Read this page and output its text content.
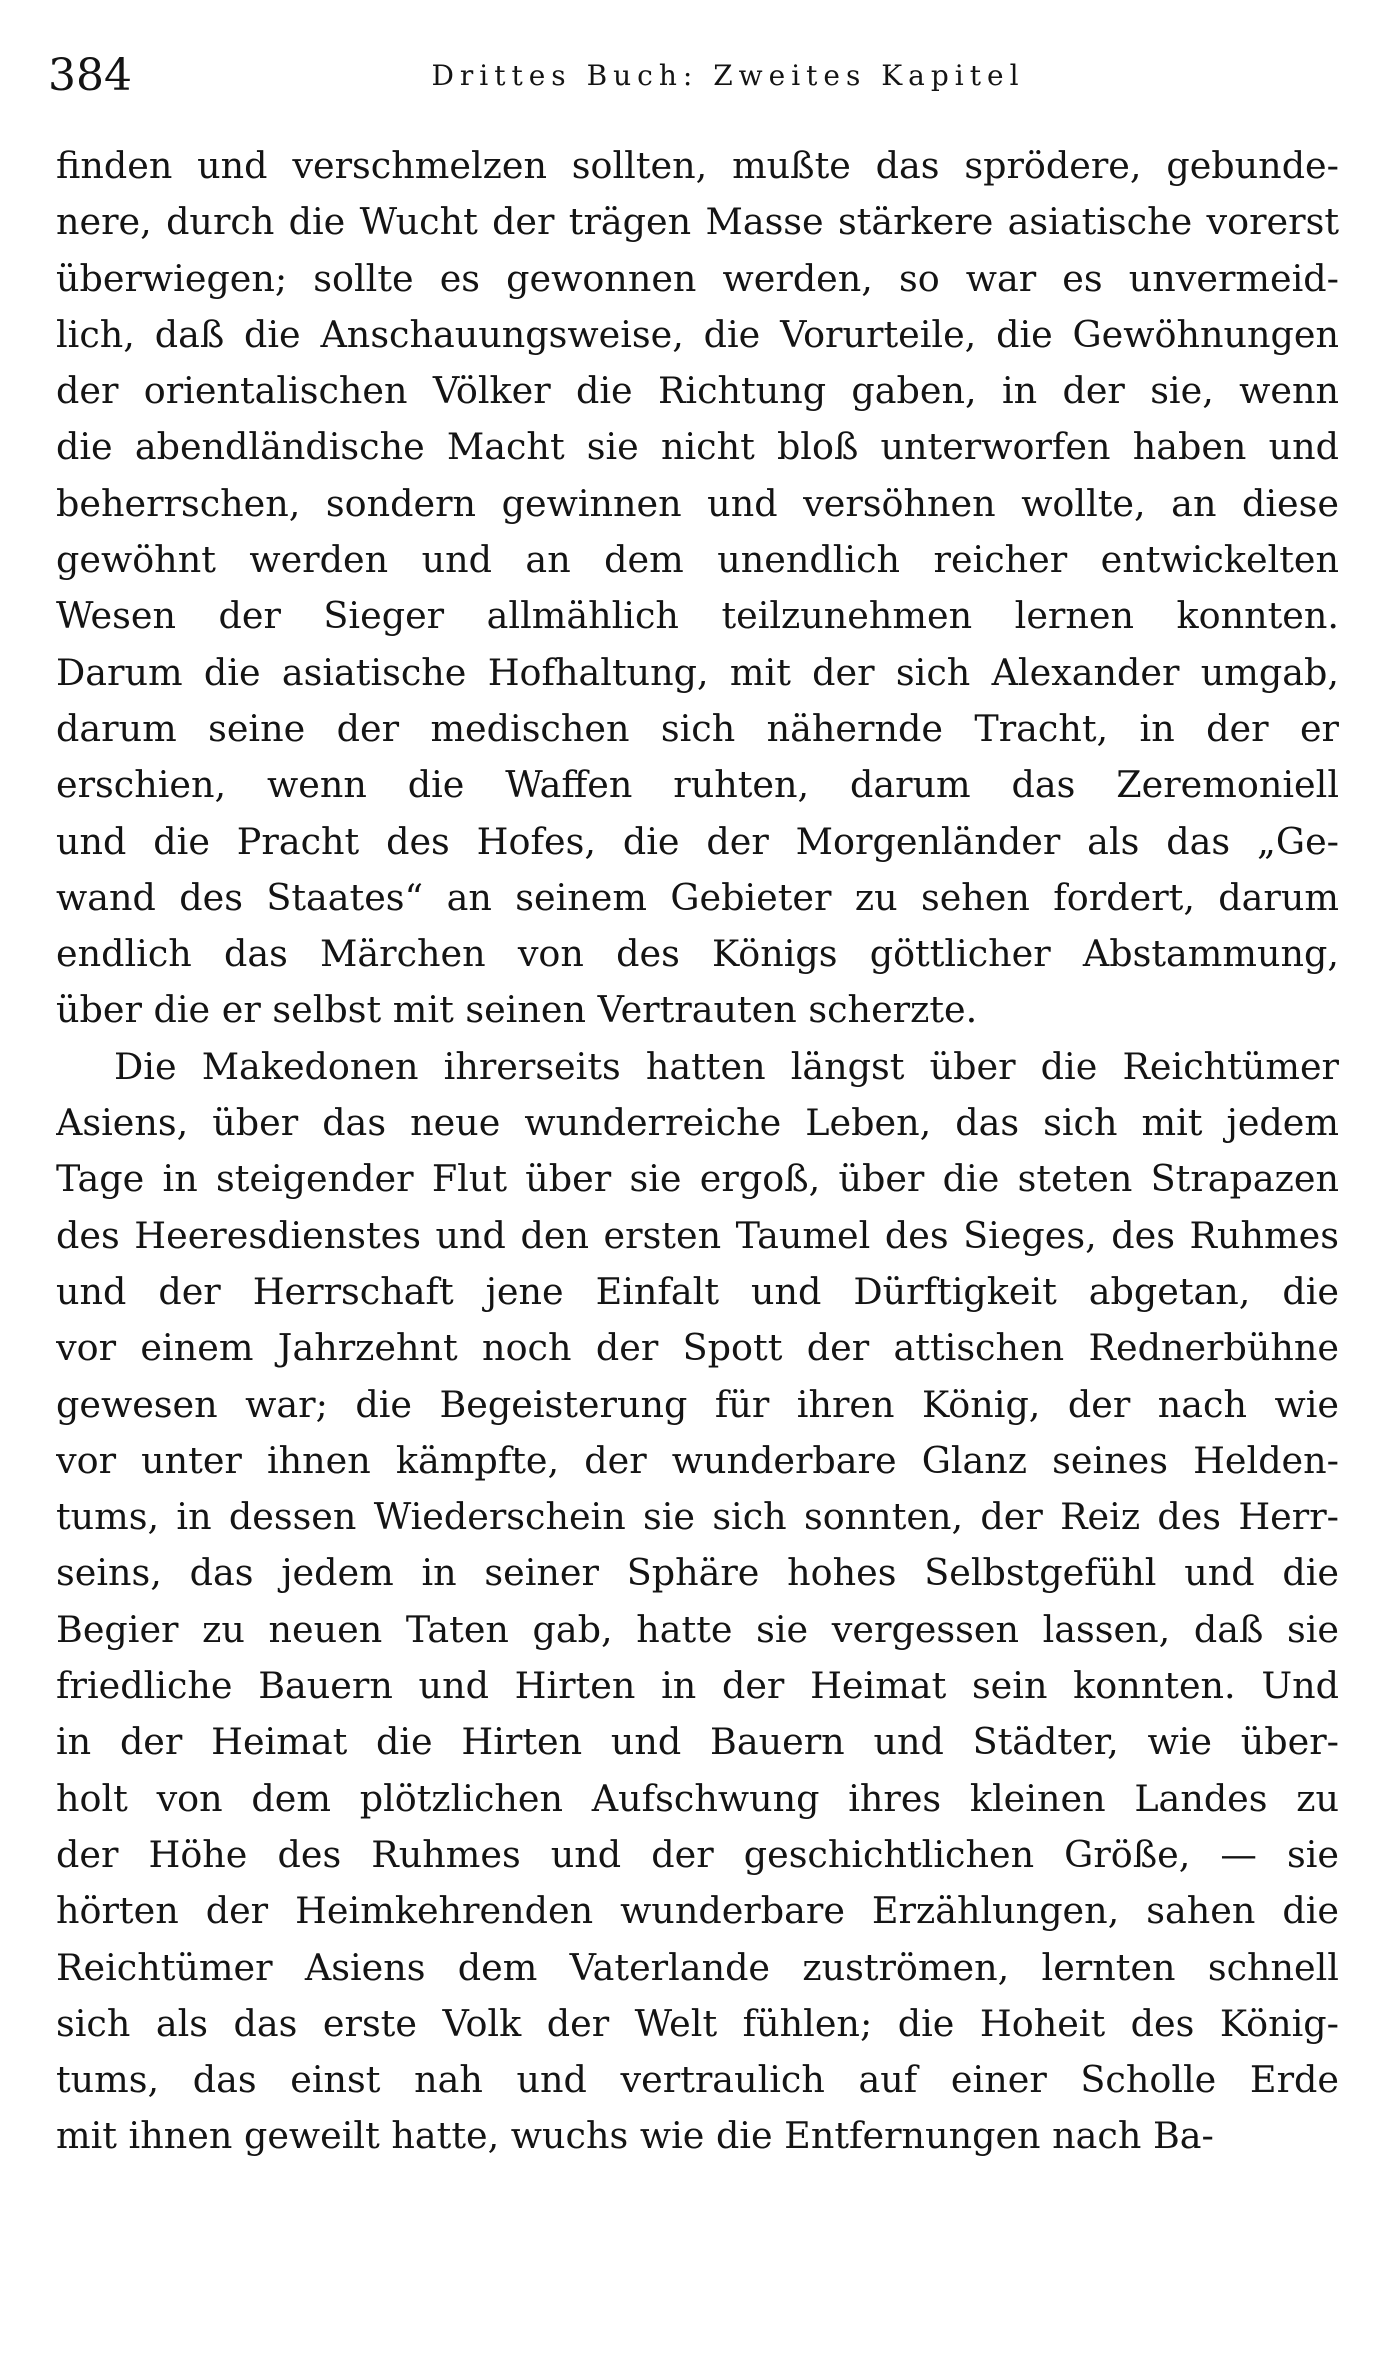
384	Drittes Buch: Zweites Kapitel
finden und verschmelzen sollten, mußte das sprödere, gebunde-
nere, durch die Wucht der trägen Masse stärkere asiatische vorerst
überwiegen; sollte es gewonnen werden, so war es unvermeid-
lich, daß die Anschauungsweise, die Vorurteile, die Gewöhnungen
der orientalischen Völker die Richtung gaben, in der sie, wenn
die abendländische Macht sie nicht bloß unterworfen haben und
beherrschen, sondern gewinnen und versöhnen wollte, an diese
gewöhnt werden und an dem unendlich reicher entwickelten
Wesen der Sieger allmählich teilzunehmen lernen konnten.
Darum die asiatische Hofhaltung, mit der sich Alexander umgab,
darum seine der medischen sich nähernde Tracht, in der er
erschien, wenn die Waffen ruhten, darum das Zeremoniell
und die Pracht des Hofes, die der Morgenländer als das „Ge-
wand des Staates“ an seinem Gebieter zu sehen fordert, darum
endlich das Märchen von des Königs göttlicher Abstammung,
über die er selbst mit seinen Vertrauten scherzte.
Die Makedonen ihrerseits hatten längst über die Reichtümer
Asiens, über das neue wunderreiche Leben, das sich mit jedem
Tage in steigender Flut über sie ergoß, über die steten Strapazen
des Heeresdienstes und den ersten Taumel des Sieges, des Ruhmes
und der Herrschaft jene Einfalt und Dürftigkeit abgetan, die
vor einem Jahrzehnt noch der Spott der attischen Rednerbühne
gewesen war; die Begeisterung für ihren König, der nach wie
vor unter ihnen kämpfte, der wunderbare Glanz seines Helden-
tums, in dessen Wiederschein sie sich sonnten, der Reiz des Herr-
seins, das jedem in seiner Sphäre hohes Selbstgefühl und die
Begier zu neuen Taten gab, hatte sie vergessen lassen, daß sie
friedliche Bauern und Hirten in der Heimat sein konnten. Und
in der Heimat die Hirten und Bauern und Städter, wie über-
holt von dem plötzlichen Aufschwung ihres kleinen Landes zu
der Höhe des Ruhmes und der geschichtlichen Größe, — sie
hörten der Heimkehrenden wunderbare Erzählungen, sahen die
Reichtümer Asiens dem Vaterlande zuströmen, lernten schnell
sich als das erste Volk der Welt fühlen; die Hoheit des König-
tums, das einst nah und vertraulich auf einer Scholle Erde
mit ihnen geweilt hatte, wuchs wie die Entfernungen nach Ba-
